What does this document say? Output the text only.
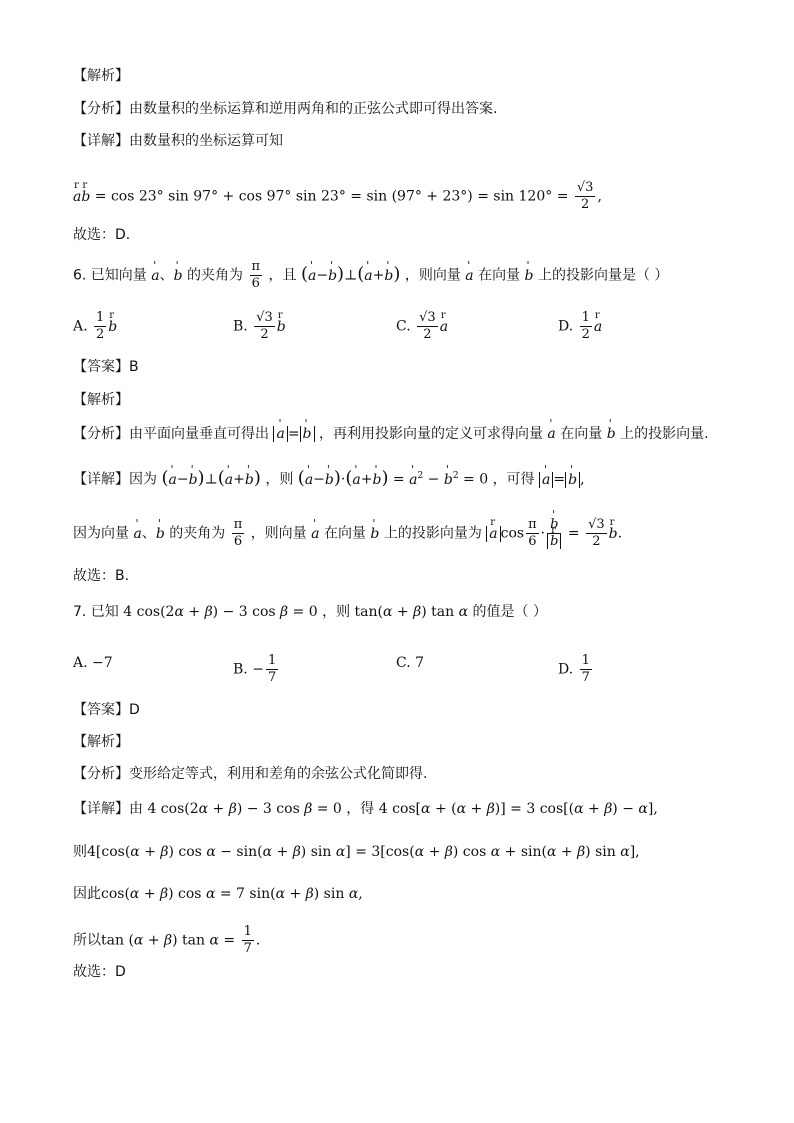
【解析】
【分析】由数量积的坐标运算和逆用两角和的正弦公式即可得出答案.
【详解】由数量积的坐标运算可知
r ar b = cos 23° sin 97° + cos 97° $\sin 23^\circ = \sin (97^\circ + 23^\circ) = \sin 120^\circ = \frac{√3}{2}$ ,
故选：D.
6. 已知向量 ' a、' b 的夹角为 $\frac{\pi}{6}$ ，且 (' a−' b)⊥(' a+' b) ，则向量 ' a 在向量 ' b 上的投影向量是（ ）
A. $\frac{1}{2}$ r b	B. $\frac{√3}{2}$ r b	C. $\frac{√3}{2}$ r a	D. $\frac{1}{2}$ r a
【答案】B
【解析】
【分析】由平面向量垂直可得出 ' a = ' b ，再利用投影向量的定义可求得向量 ' a 在向量 ' b 上的投影向量.
【详解】因为 (' a−' b)⊥(' a+' b) ，则 (' a−' b)·(' a+' b) = ' $a^2$ − ' $b^2 = 0$ ，可得 ' a = ' b ,
因为向量 ' a、' b 的夹角为 $\frac{\pi}{6}$ ，则向量 ' a 在向量 ' b 上的投影向量为 r a $\cos \frac{\pi}{6}$ · ' b
r $b = \frac{√3}{2}$ r b.
故选：B.
7. 已知 4 cos(2α + β) − 3 cos β = 0 ，则 tan(α + β) tan α 的值是（ ）
A. −7	B. − $\frac{1}{7}$	C. 7	D. $\frac{1}{7}$
【答案】D
【解析】
【分析】变形给定等式，利用和差角的余弦公式化简即得.
【详解】由 4 cos(2α + β) − 3 cos β = 0 ，得 4 cos[α + (α + β)] = 3 cos[(α + β) − α],
则4[cos(α + β) cos α − sin(α + β) sin α] = 3[cos(α + β) cos α + sin(α + β) sin α],
因此cos(α + β) cos α = 7 sin(α + β) sin α,
所以tan (α + β) $\tan \alpha = \frac{1}{7}$ .
故选：D
